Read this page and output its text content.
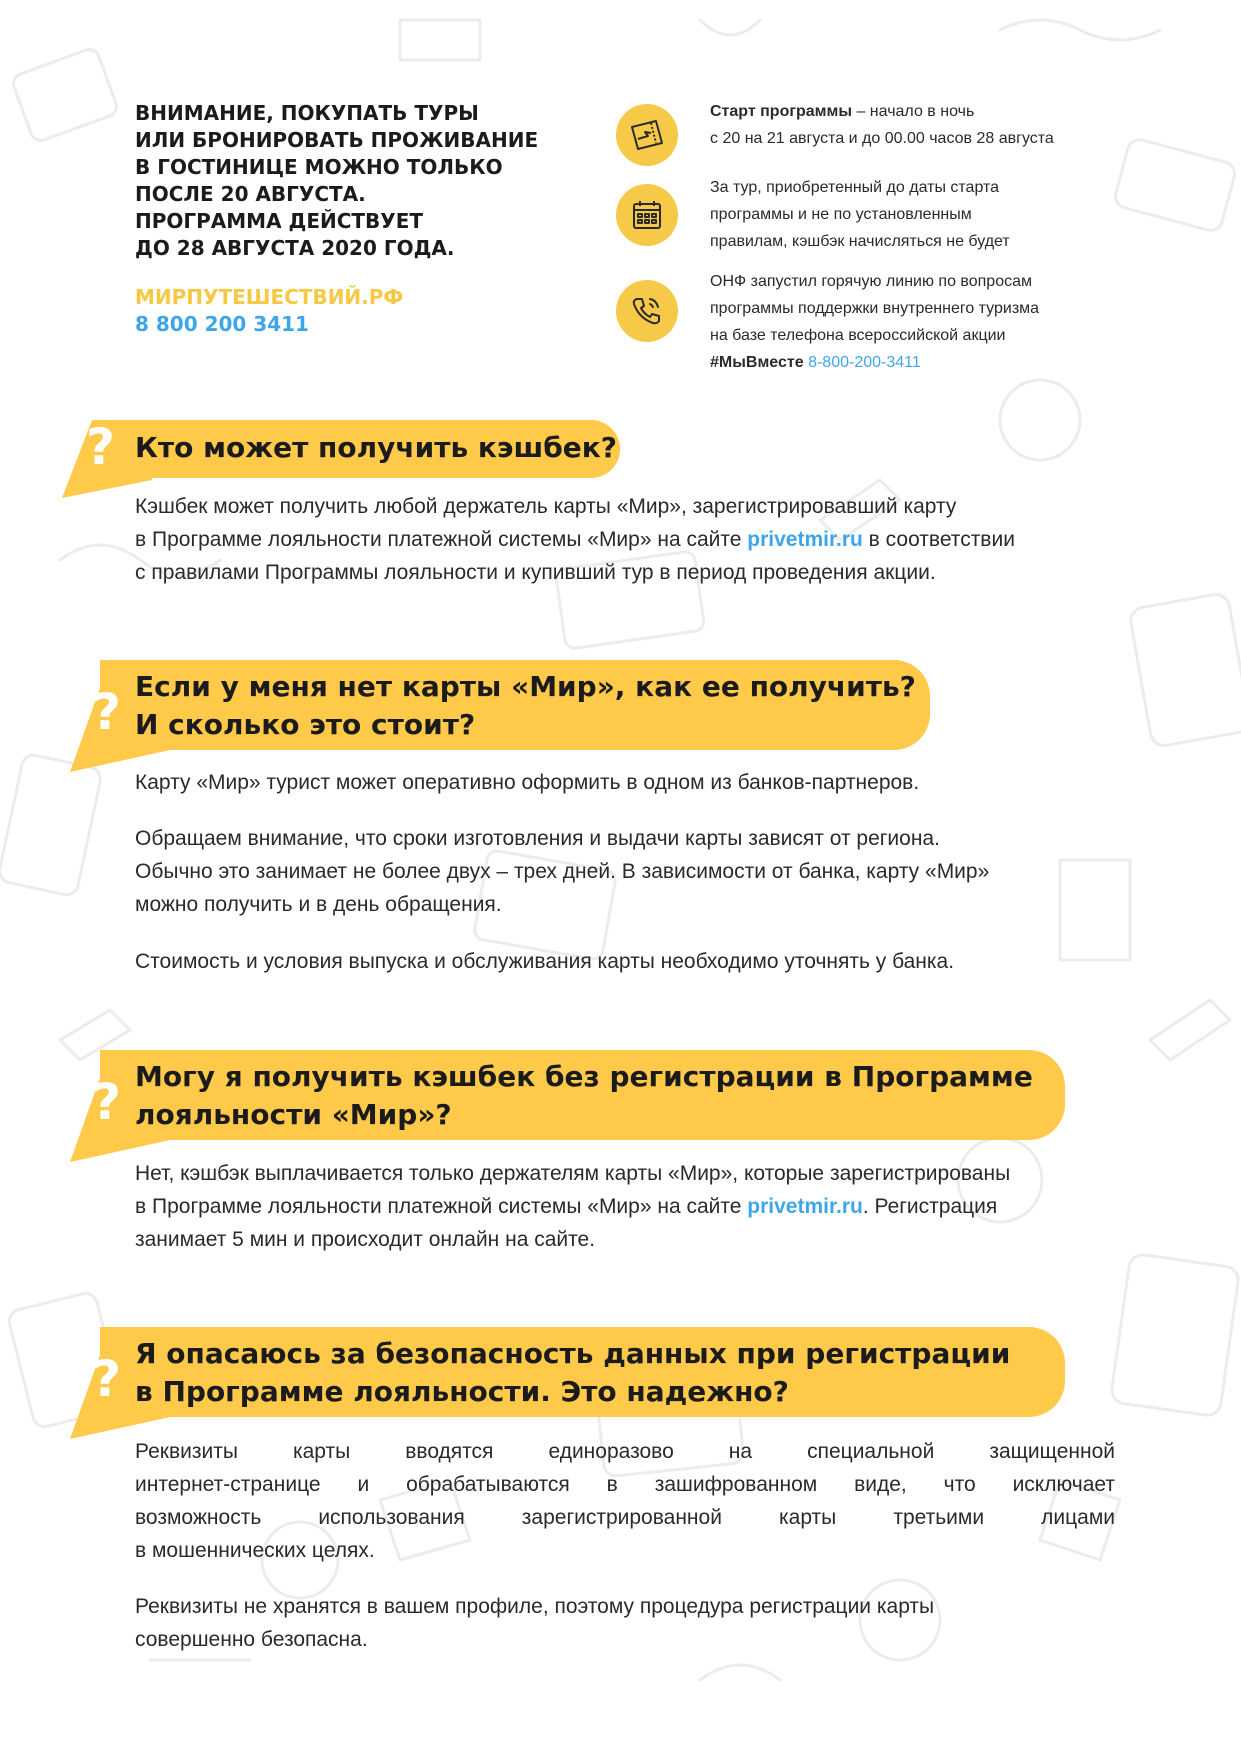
ВНИМАНИЕ, ПОКУПАТЬ ТУРЫ
ИЛИ БРОНИРОВАТЬ ПРОЖИВАНИЕ
В ГОСТИНИЦЕ МОЖНО ТОЛЬКО
ПОСЛЕ 20 АВГУСТА.
ПРОГРАММА ДЕЙСТВУЕТ
ДО 28 АВГУСТА 2020 ГОДА.
МИРПУТЕШЕСТВИЙ.РФ
8 800 200 3411
Старт программы – начало в ночь
с 20 на 21 августа и до 00.00 часов 28 августа
За тур, приобретенный до даты старта
программы и не по установленным
правилам, кэшбэк начисляться не будет
ОНФ запустил горячую линию по вопросам
программы поддержки внутреннего туризма
на базе телефона всероссийской акции
#МыВместе 8-800-200-3411
? Кто может получить кэшбек?
Кэшбек может получить любой держатель карты «Мир», зарегистрировавший карту
в Программе лояльности платежной системы «Мир» на сайте privetmir.ru в соответствии
с правилами Программы лояльности и купивший тур в период проведения акции.
? Если у меня нет карты «Мир», как ее получить?
И сколько это стоит?
Карту «Мир» турист может оперативно оформить в одном из банков-партнеров.
Обращаем внимание, что сроки изготовления и выдачи карты зависят от региона.
Обычно это занимает не более двух – трех дней. В зависимости от банка, карту «Мир»
можно получить и в день обращения.
Стоимость и условия выпуска и обслуживания карты необходимо уточнять у банка.
? Могу я получить кэшбек без регистрации в Программе
лояльности «Мир»?
Нет, кэшбэк выплачивается только держателям карты «Мир», которые зарегистрированы
в Программе лояльности платежной системы «Мир» на сайте privetmir.ru. Регистрация
занимает 5 мин и происходит онлайн на сайте.
? Я опасаюсь за безопасность данных при регистрации
в Программе лояльности. Это надежно?
Реквизиты карты вводятся единоразово на специальной защищенной
интернет-странице и обрабатываются в зашифрованном виде, что исключает
возможность использования зарегистрированной карты третьими лицами
в мошеннических целях.
Реквизиты не хранятся в вашем профиле, поэтому процедура регистрации карты
совершенно безопасна.
